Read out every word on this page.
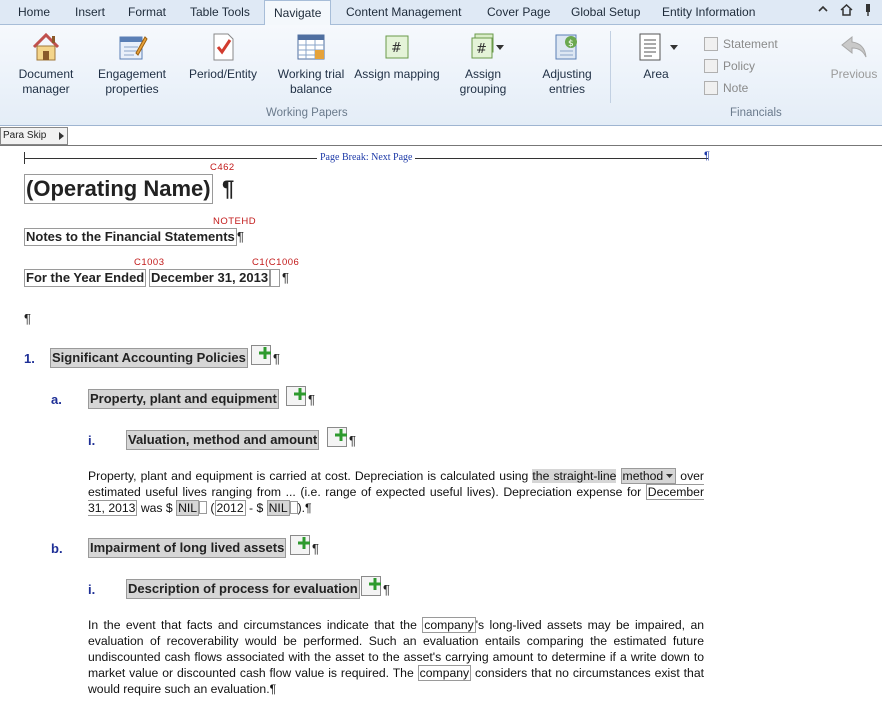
Home	Insert	Format	Table Tools	Navigate	Content Management	Cover Page	Global Setup	Entity Information
Document
manager
Engagement
properties
Period/Entity	Working trial
balance
#
Assign mapping
#
Assign
grouping
$
Adjusting
entries
Working Papers
Area
Statement
Policy
Note
Financials
Previous
Para Skip
Page Break: Next Page	¶
C462
(Operating Name) ¶
NOTEHD
Notes to the Financial Statements ¶
C1003	C1(C1006
For the Year Ended December 31, 2013 ¶
¶
1. Significant Accounting Policies ¶
a. Property, plant and equipment ¶
i.	Valuation, method and amount ¶
Property, plant and equipment is carried at cost. Depreciation is calculated using the straight-line method over estimated useful lives ranging from ... (i.e. range of expected useful lives). Depreciation expense for December 31, 2013 was $ NIL ( 2012 - $ NIL ).¶
b. Impairment of long lived assets ¶
i.	Description of process for evaluation ¶
In the event that facts and circumstances indicate that the company 's long-lived assets may be impaired, an evaluation of recoverability would be performed. Such an evaluation entails comparing the estimated future undiscounted cash flows associated with the asset to the asset's carrying amount to determine if a write down to market value or discounted cash flow value is required. The company considers that no circumstances exist that would require such an evaluation.¶
